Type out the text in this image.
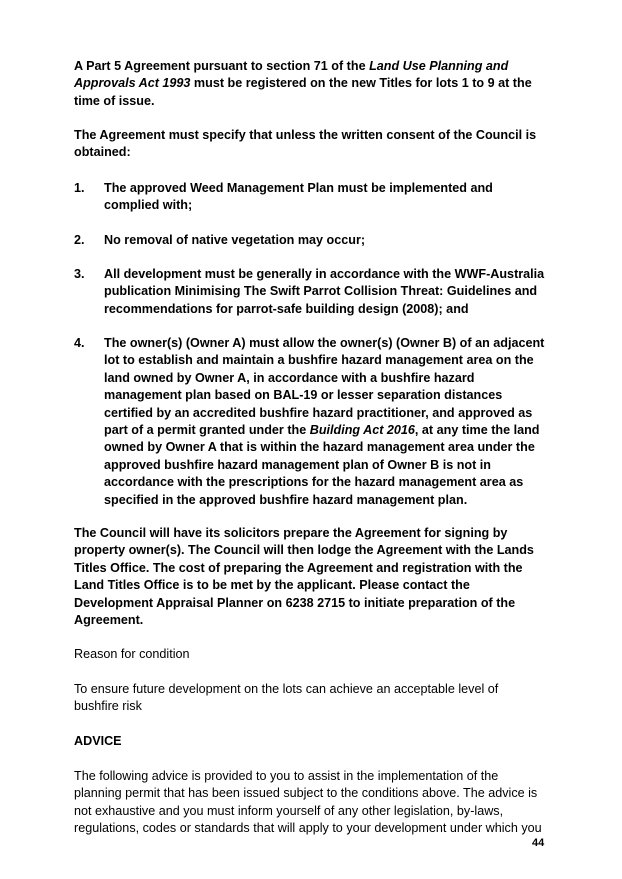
A Part 5 Agreement pursuant to section 71 of the Land Use Planning and Approvals Act 1993 must be registered on the new Titles for lots 1 to 9 at the time of issue.
The Agreement must specify that unless the written consent of the Council is obtained:
1. The approved Weed Management Plan must be implemented and complied with;
2. No removal of native vegetation may occur;
3. All development must be generally in accordance with the WWF-Australia publication Minimising The Swift Parrot Collision Threat: Guidelines and recommendations for parrot-safe building design (2008); and
4. The owner(s) (Owner A) must allow the owner(s) (Owner B) of an adjacent lot to establish and maintain a bushfire hazard management area on the land owned by Owner A, in accordance with a bushfire hazard management plan based on BAL-19 or lesser separation distances certified by an accredited bushfire hazard practitioner, and approved as part of a permit granted under the Building Act 2016, at any time the land owned by Owner A that is within the hazard management area under the approved bushfire hazard management plan of Owner B is not in accordance with the prescriptions for the hazard management area as specified in the approved bushfire hazard management plan.
The Council will have its solicitors prepare the Agreement for signing by property owner(s). The Council will then lodge the Agreement with the Lands Titles Office. The cost of preparing the Agreement and registration with the Land Titles Office is to be met by the applicant. Please contact the Development Appraisal Planner on 6238 2715 to initiate preparation of the Agreement.
Reason for condition
To ensure future development on the lots can achieve an acceptable level of bushfire risk
ADVICE
The following advice is provided to you to assist in the implementation of the planning permit that has been issued subject to the conditions above. The advice is not exhaustive and you must inform yourself of any other legislation, by-laws, regulations, codes or standards that will apply to your development under which you
44
